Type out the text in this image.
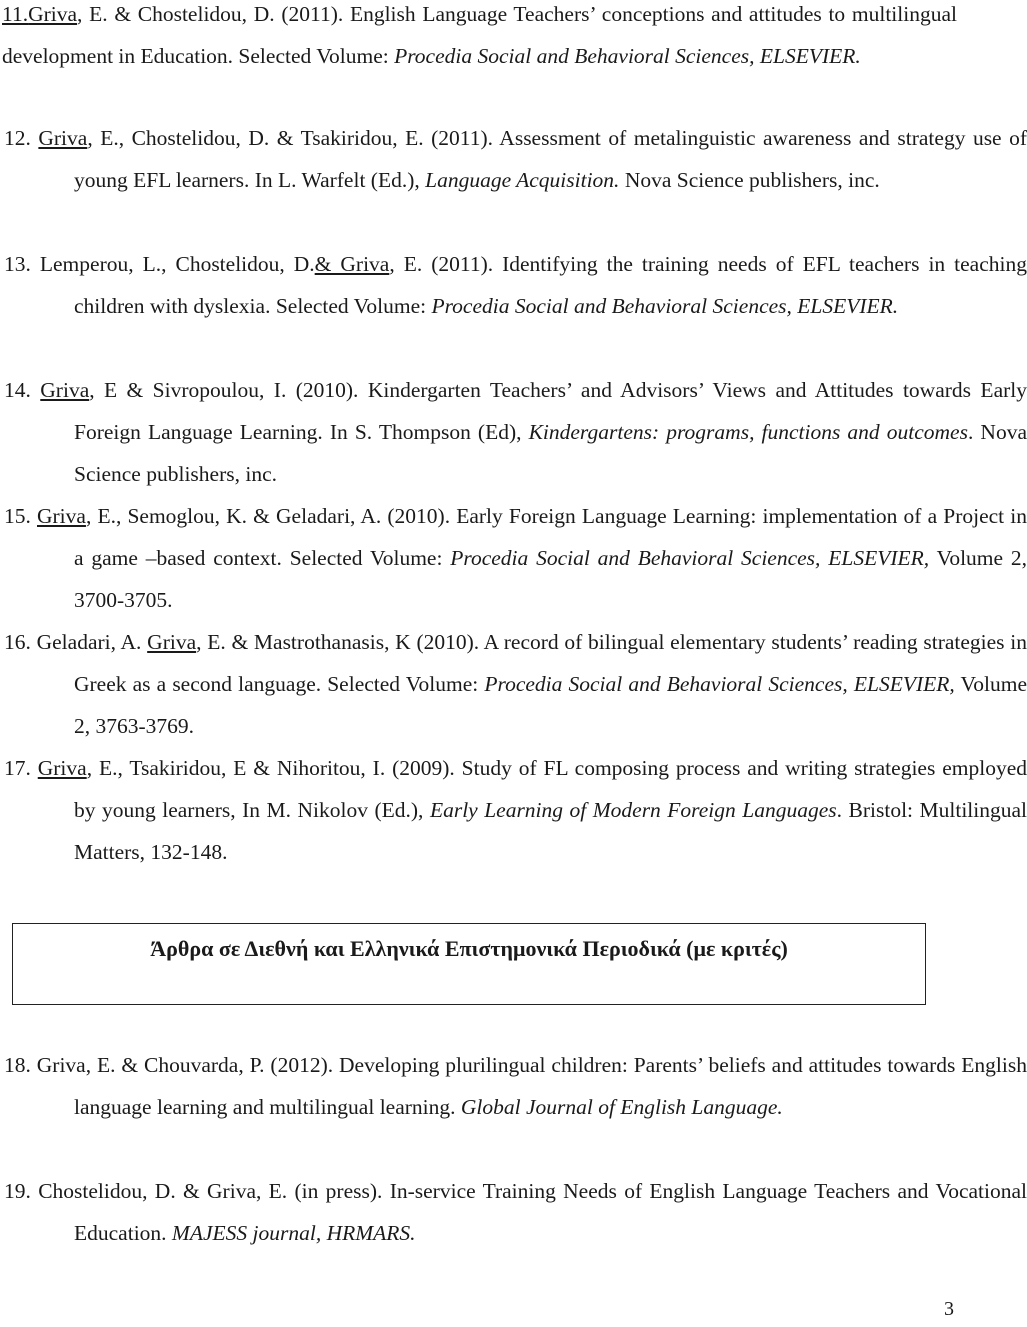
11.Griva, E. & Chostelidou, D. (2011). English Language Teachers’ conceptions and attitudes to multilingual development in Education. Selected Volume: Procedia Social and Behavioral Sciences, ELSEVIER.
12. Griva, E., Chostelidou, D. & Tsakiridou, E. (2011). Assessment of metalinguistic awareness and strategy use of young EFL learners. In L. Warfelt (Ed.), Language Acquisition. Nova Science publishers, inc.
13. Lemperou, L., Chostelidou, D.& Griva, E. (2011). Identifying the training needs of EFL teachers in teaching children with dyslexia. Selected Volume: Procedia Social and Behavioral Sciences, ELSEVIER.
14. Griva, E & Sivropoulou, I. (2010). Kindergarten Teachers’ and Advisors’ Views and Attitudes towards Early Foreign Language Learning. In S. Thompson (Ed), Kindergartens: programs, functions and outcomes. Nova Science publishers, inc.
15. Griva, E., Semoglou, K. & Geladari, A. (2010). Early Foreign Language Learning: implementation of a Project in a game –based context. Selected Volume: Procedia Social and Behavioral Sciences, ELSEVIER, Volume 2, 3700-3705.
16. Geladari, A. Griva, E. & Mastrothanasis, K (2010). A record of bilingual elementary students’ reading strategies in Greek as a second language. Selected Volume: Procedia Social and Behavioral Sciences, ELSEVIER, Volume 2, 3763-3769.
17. Griva, E., Tsakiridou, E & Nihoritou, I. (2009). Study of FL composing process and writing strategies employed by young learners, In M. Nikolov (Ed.), Early Learning of Modern Foreign Languages. Bristol: Multilingual Matters, 132-148.
Άρθρα σε Διεθνή και Ελληνικά Επιστημονικά Περιοδικά (με κριτές)
18. Griva, E. & Chouvarda, P. (2012). Developing plurilingual children: Parents’ beliefs and attitudes towards English language learning and multilingual learning. Global Journal of English Language.
19. Chostelidou, D. & Griva, E. (in press). In-service Training Needs of English Language Teachers and Vocational Education. MAJESS journal, HRMARS.
3
